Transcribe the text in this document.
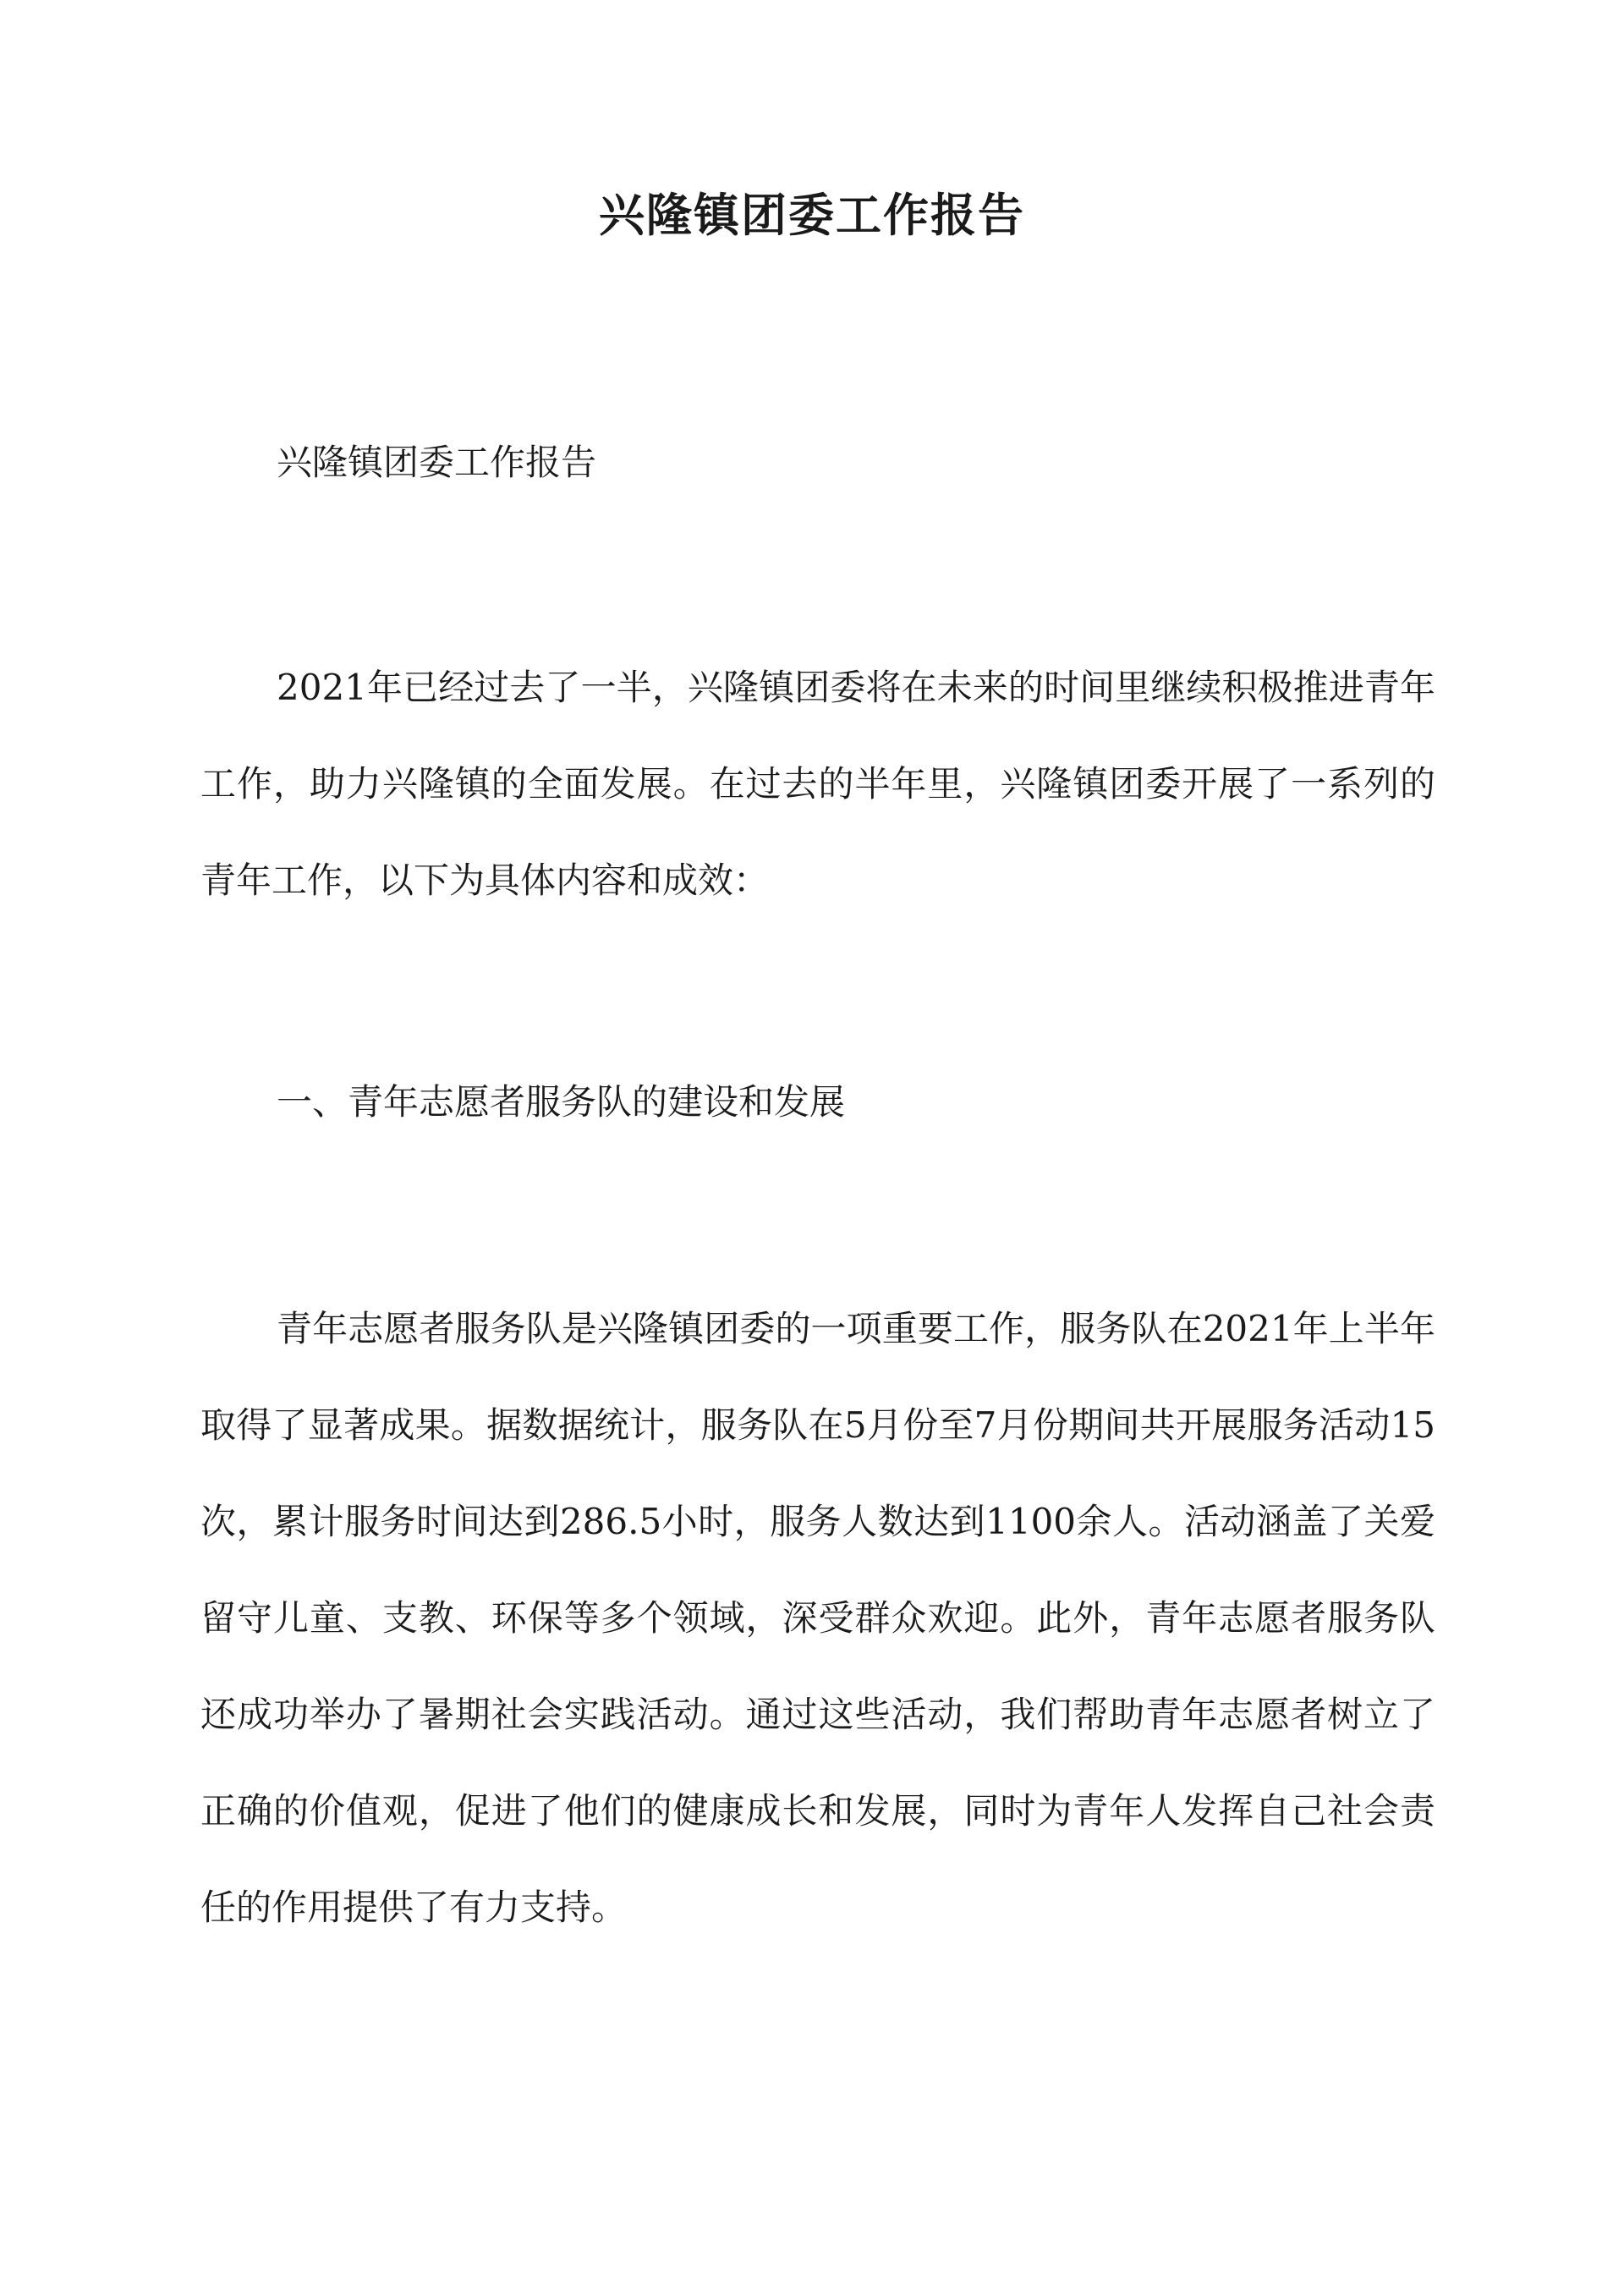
兴隆镇团委工作报告
兴隆镇团委工作报告

2021年已经过去了一半，兴隆镇团委将在未来的时间里继续积极推进青年工作，助力兴隆镇的全面发展。在过去的半年里，兴隆镇团委开展了一系列的青年工作，以下为具体内容和成效：

一、青年志愿者服务队的建设和发展

青年志愿者服务队是兴隆镇团委的一项重要工作，服务队在2021年上半年取得了显著成果。据数据统计，服务队在5月份至7月份期间共开展服务活动15次，累计服务时间达到286.5小时，服务人数达到1100余人。活动涵盖了关爱留守儿童、支教、环保等多个领域，深受群众欢迎。此外，青年志愿者服务队还成功举办了暑期社会实践活动。通过这些活动，我们帮助青年志愿者树立了正确的价值观，促进了他们的健康成长和发展，同时为青年人发挥自己社会责任的作用提供了有力支持。
